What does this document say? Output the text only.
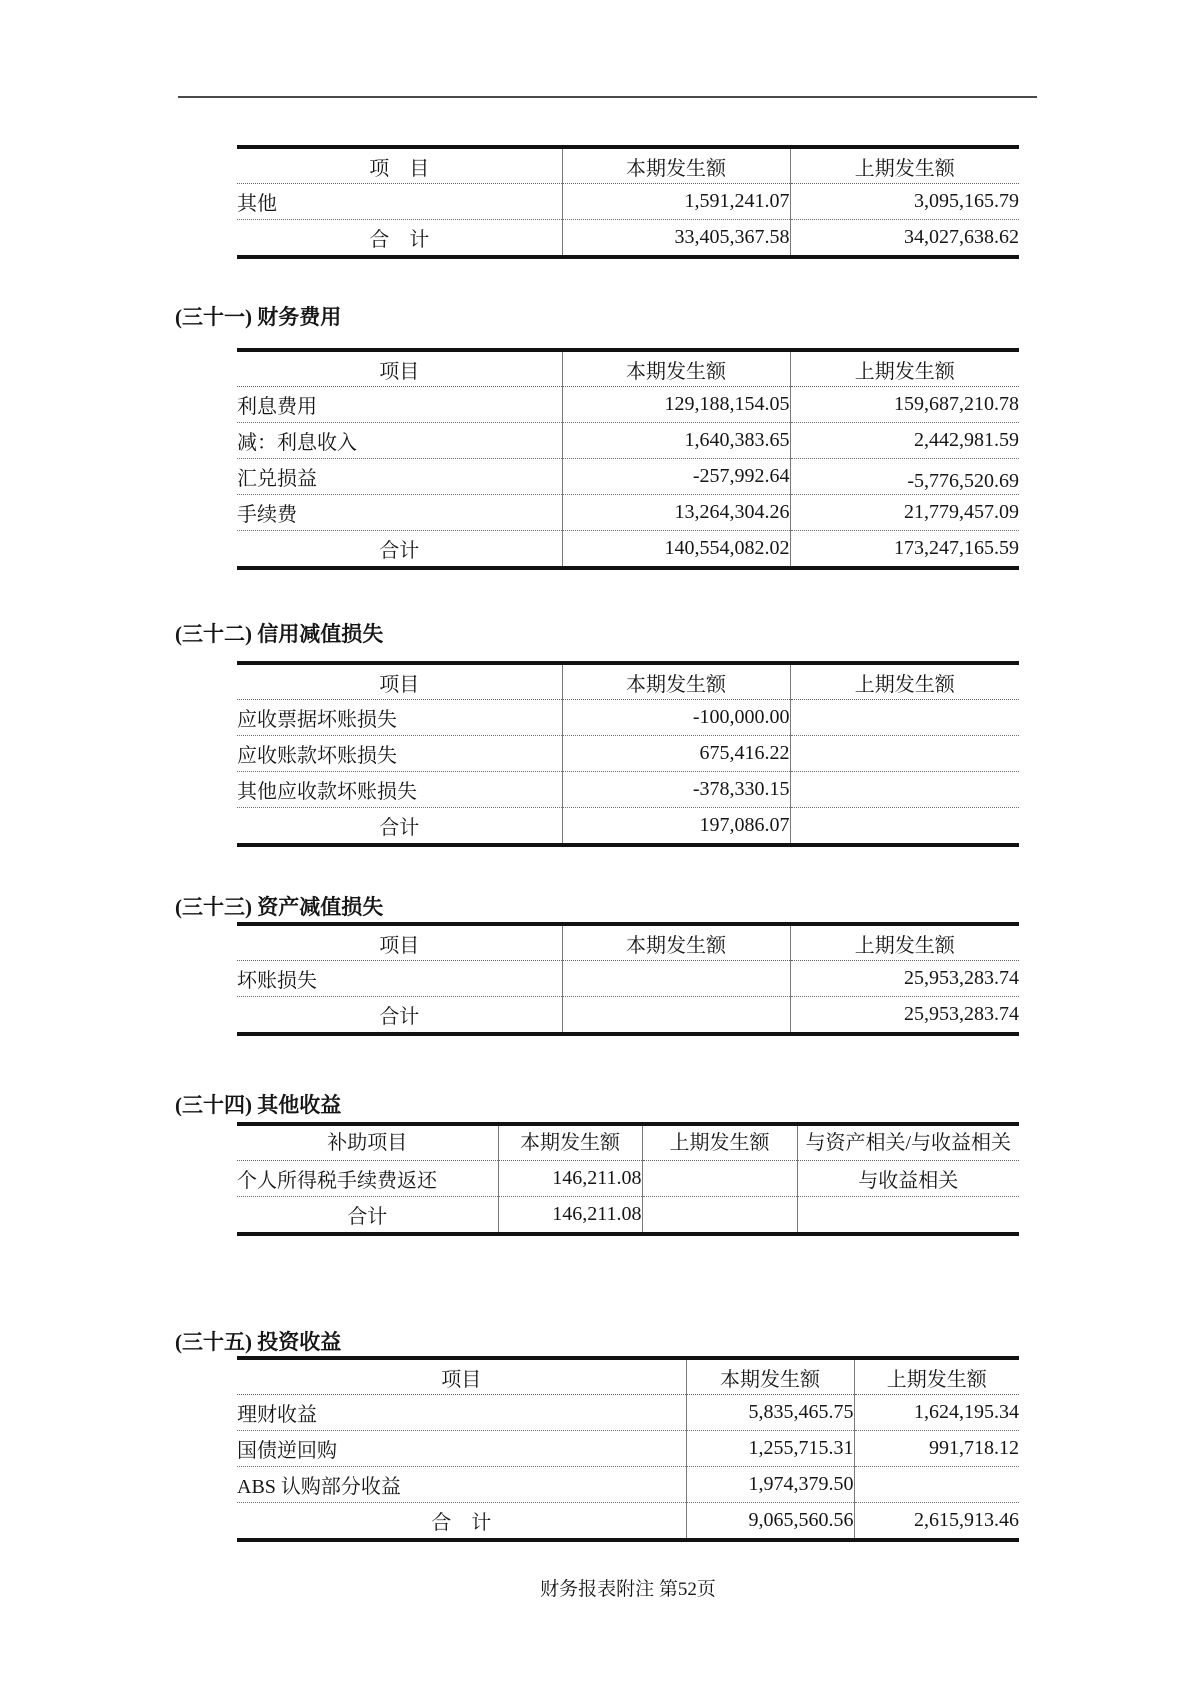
项　目	本期发生额	上期发生额
其他	1,591,241.07	3,095,165.79
合　计	33,405,367.58	34,027,638.62
(三十一) 财务费用
项目	本期发生额	上期发生额
利息费用	129,188,154.05	159,687,210.78
减：利息收入	1,640,383.65	2,442,981.59
汇兑损益	-257,992.64	-5,776,520.69
手续费	13,264,304.26	21,779,457.09
合计	140,554,082.02	173,247,165.59
(三十二) 信用减值损失
项目	本期发生额	上期发生额
应收票据坏账损失	-100,000.00	
应收账款坏账损失	675,416.22	
其他应收款坏账损失	-378,330.15	
合计	197,086.07	
(三十三) 资产减值损失
项目	本期发生额	上期发生额
坏账损失		25,953,283.74
合计		25,953,283.74
(三十四) 其他收益
补助项目	本期发生额	上期发生额	与资产相关/与收益相关
个人所得税手续费返还	146,211.08		与收益相关
合计	146,211.08		
(三十五) 投资收益
项目	本期发生额	上期发生额
理财收益	5,835,465.75	1,624,195.34
国债逆回购	1,255,715.31	991,718.12
ABS 认购部分收益	1,974,379.50	
合　计	9,065,560.56	2,615,913.46
财务报表附注 第52页
